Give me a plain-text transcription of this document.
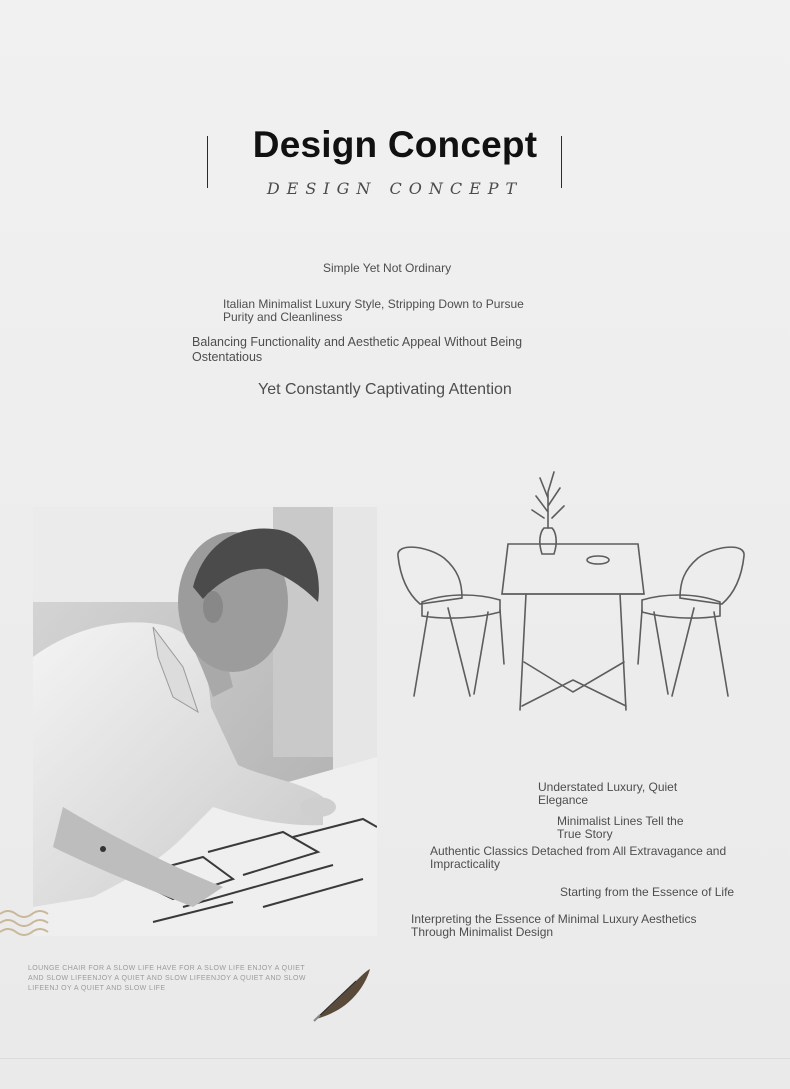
Design Concept
DESIGN CONCEPT
Simple Yet Not Ordinary
Italian Minimalist Luxury Style, Stripping Down to Pursue Purity and Cleanliness
Balancing Functionality and Aesthetic Appeal Without Being Ostentatious
Yet Constantly Captivating Attention
Understated Luxury, Quiet Elegance
Minimalist Lines Tell the True Story
Authentic Classics Detached from All Extravagance and Impracticality
Starting from the Essence of Life
Interpreting the Essence of Minimal Luxury Aesthetics Through Minimalist Design
LOUNGE CHAIR FOR A SLOW LIFE HAVE FOR A SLOW LIFE ENJOY A QUIET AND SLOW LIFEENJOY A QUIET AND SLOW LIFEENJOY A QUIET AND SLOW LIFEENJ OY A QUIET AND SLOW LIFE
